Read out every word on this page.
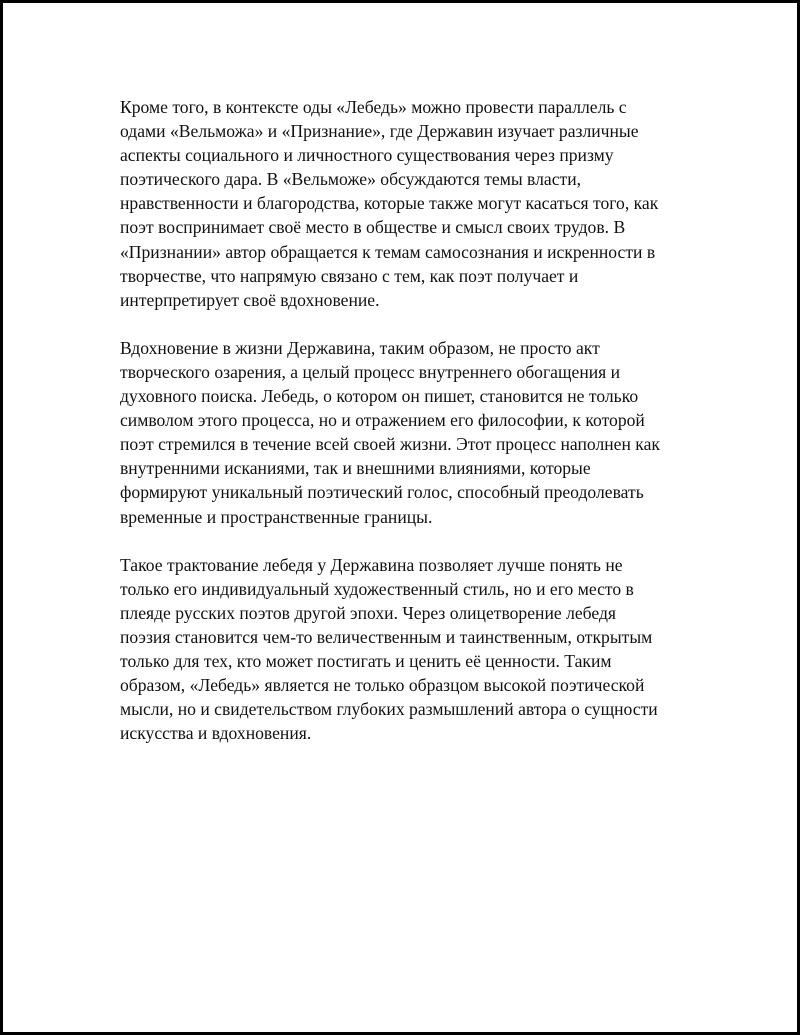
Кроме того, в контексте оды «Лебедь» можно провести параллель с
одами «Вельможа» и «Признание», где Державин изучает различные
аспекты социального и личностного существования через призму
поэтического дара. В «Вельможе» обсуждаются темы власти,
нравственности и благородства, которые также могут касаться того, как
поэт воспринимает своё место в обществе и смысл своих трудов. В
«Признании» автор обращается к темам самосознания и искренности в
творчестве, что напрямую связано с тем, как поэт получает и
интерпретирует своё вдохновение.

Вдохновение в жизни Державина, таким образом, не просто акт
творческого озарения, а целый процесс внутреннего обогащения и
духовного поиска. Лебедь, о котором он пишет, становится не только
символом этого процесса, но и отражением его философии, к которой
поэт стремился в течение всей своей жизни. Этот процесс наполнен как
внутренними исканиями, так и внешними влияниями, которые
формируют уникальный поэтический голос, способный преодолевать
временные и пространственные границы.

Такое трактование лебедя у Державина позволяет лучше понять не
только его индивидуальный художественный стиль, но и его место в
плеяде русских поэтов другой эпохи. Через олицетворение лебедя
поэзия становится чем-то величественным и таинственным, открытым
только для тех, кто может постигать и ценить её ценности. Таким
образом, «Лебедь» является не только образцом высокой поэтической
мысли, но и свидетельством глубоких размышлений автора о сущности
искусства и вдохновения.
